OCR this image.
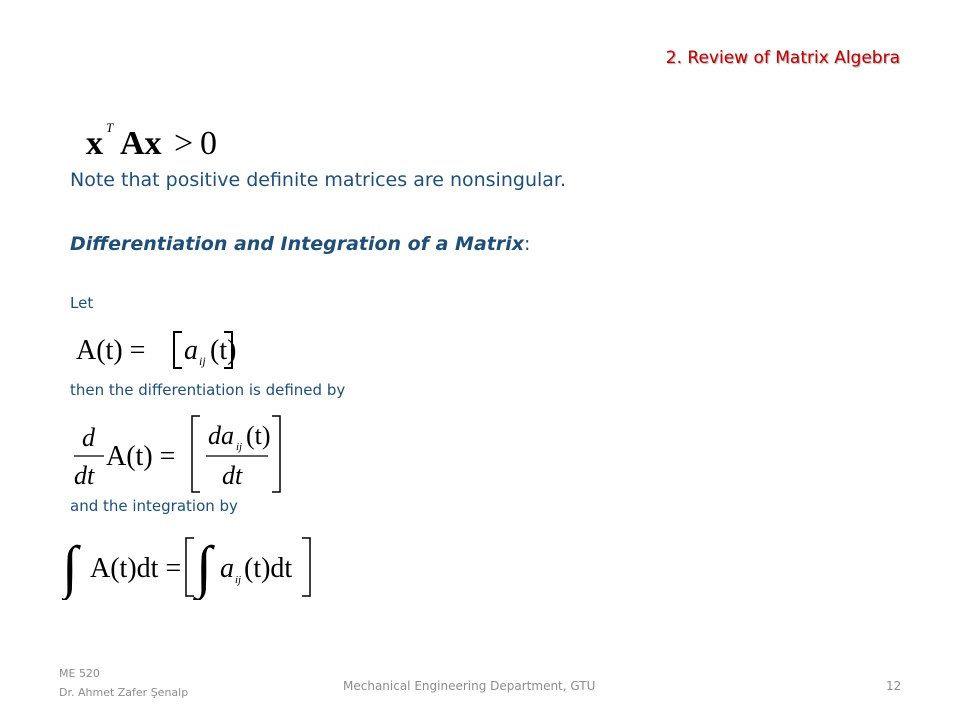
2. Review of Matrix Algebra
x T Ax > 0
Note that positive definite matrices are nonsingular.
Differentiation and Integration of a Matrix:
Let
A(t) = a ij (t)
then the differentiation is defined by
d
dt
A(t) =
da ij (t)
dt
and the integration by
∫ A(t)dt = ∫ a ij (t)dt
ME 520
Dr. Ahmet Zafer Şenalp	Mechanical Engineering Department, GTU	12
